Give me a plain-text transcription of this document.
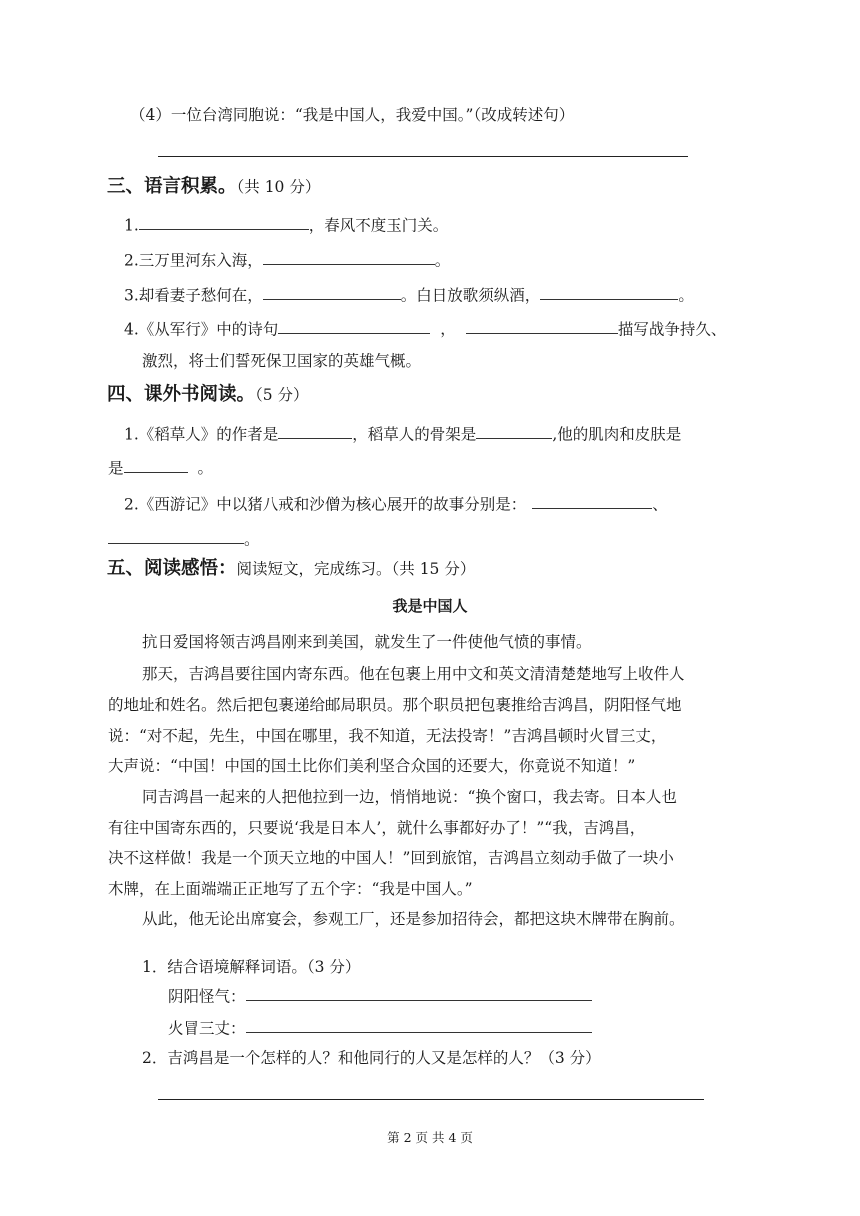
（4）一位台湾同胞说：“我是中国人，我爱中国。”（改成转述句）
三、语言积累。（共 10 分）
1.	，春风不度玉门关。
2.三万里河东入海，	。
3.却看妻子愁何在，	。白日放歌须纵酒，	。
4.《从军行》中的诗句	，	描写战争持久、
激烈，将士们誓死保卫国家的英雄气概。
四、课外书阅读。（5 分）
1.《稻草人》的作者是	，稻草人的骨架是	,他的肌肉和皮肤是
是	。
2.《西游记》中以猪八戒和沙僧为核心展开的故事分别是：	、
。
五、阅读感悟：阅读短文，完成练习。（共 15 分）
我是中国人
抗日爱国将领吉鸿昌刚来到美国，就发生了一件使他气愤的事情。
那天，吉鸿昌要往国内寄东西。他在包裹上用中文和英文清清楚楚地写上收件人
的地址和姓名。然后把包裹递给邮局职员。那个职员把包裹推给吉鸿昌，阴阳怪气地
说：“对不起，先生，中国在哪里，我不知道，无法投寄！”吉鸿昌顿时火冒三丈，
大声说：“中国！中国的国土比你们美利坚合众国的还要大，你竟说不知道！”
同吉鸿昌一起来的人把他拉到一边，悄悄地说：“换个窗口，我去寄。日本人也
有往中国寄东西的，只要说‘我是日本人’，就什么事都好办了！”“我，吉鸿昌，
决不这样做！我是一个顶天立地的中国人！”回到旅馆，吉鸿昌立刻动手做了一块小
木牌，在上面端端正正地写了五个字：“我是中国人。”
从此，他无论出席宴会，参观工厂，还是参加招待会，都把这块木牌带在胸前。
1．结合语境解释词语。（3 分）
阴阳怪气：
火冒三丈：
2．吉鸿昌是一个怎样的人？和他同行的人又是怎样的人？（3 分）
第 2 页 共 4 页
